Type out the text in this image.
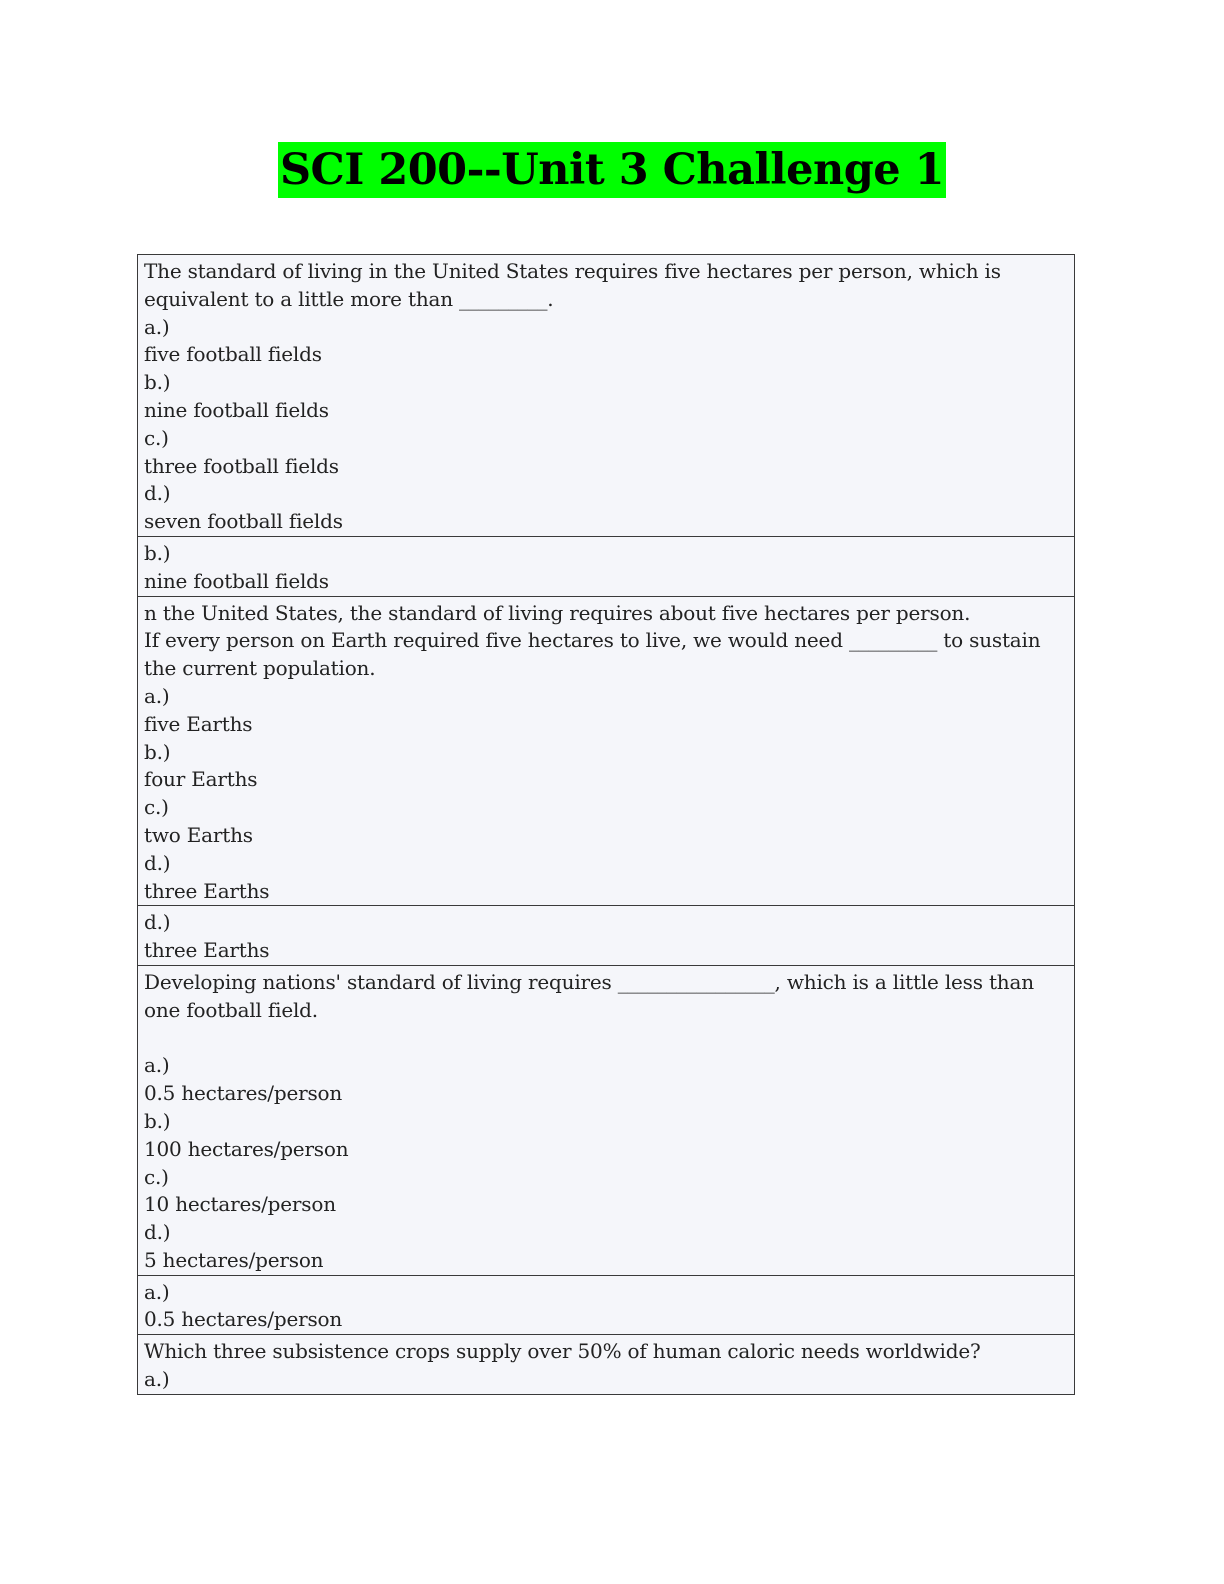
SCI 200--Unit 3 Challenge 1
The standard of living in the United States requires five hectares per person, which is
equivalent to a little more than _________.
a.)
five football fields
b.)
nine football fields
c.)
three football fields
d.)
seven football fields

b.)
nine football fields

n the United States, the standard of living requires about five hectares per person.
If every person on Earth required five hectares to live, we would need _________ to sustain
the current population.
a.)
five Earths
b.)
four Earths
c.)
two Earths
d.)
three Earths

d.)
three Earths

Developing nations' standard of living requires ________________, which is a little less than
one football field.
a.)
0.5 hectares/person
b.)
100 hectares/person
c.)
10 hectares/person
d.)
5 hectares/person

a.)
0.5 hectares/person

Which three subsistence crops supply over 50% of human caloric needs worldwide?
a.)
